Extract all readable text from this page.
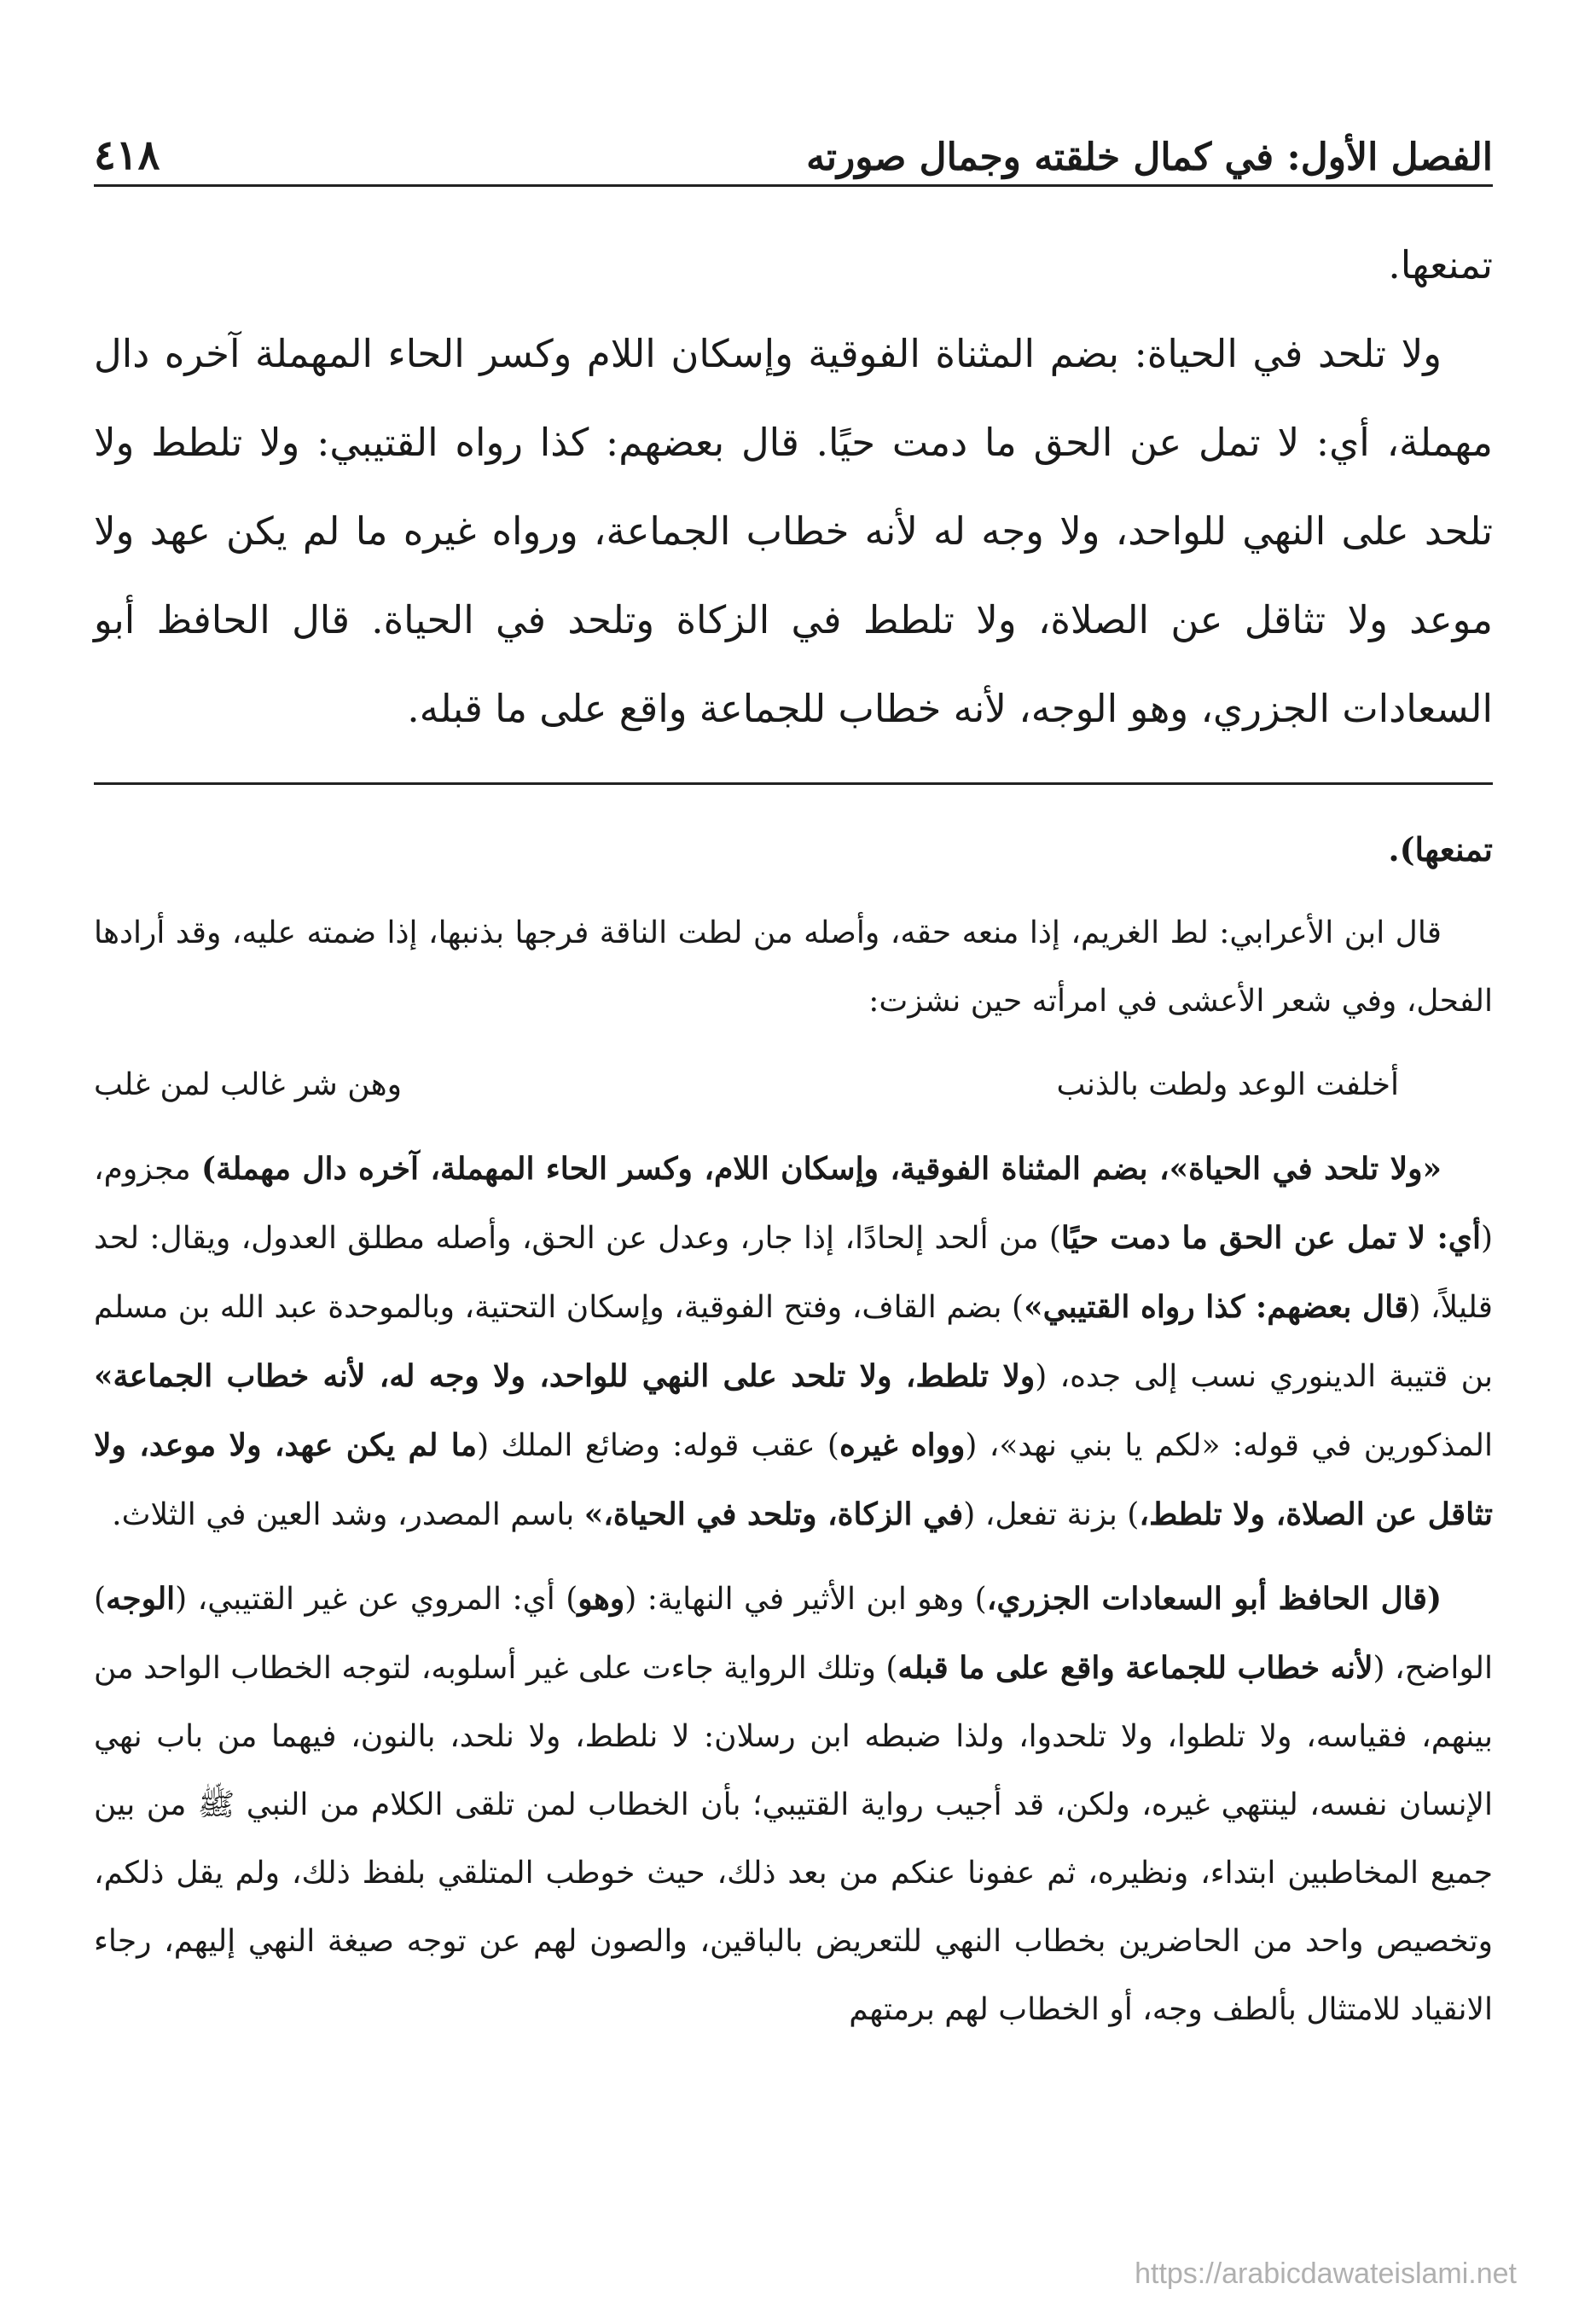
الفصل الأول: في كمال خلقته وجمال صورته
٤١٨

تمنعها.

ولا تلحد في الحياة: بضم المثناة الفوقية وإسكان اللام وكسر الحاء المهملة آخره دال مهملة، أي: لا تمل عن الحق ما دمت حيًا. قال بعضهم: كذا رواه القتيبي: ولا تلطط ولا تلحد على النهي للواحد، ولا وجه له لأنه خطاب الجماعة، ورواه غيره ما لم يكن عهد ولا موعد ولا تثاقل عن الصلاة، ولا تلطط في الزكاة وتلحد في الحياة. قال الحافظ أبو السعادات الجزري، وهو الوجه، لأنه خطاب للجماعة واقع على ما قبله.

تمنعها).

قال ابن الأعرابي: لط الغريم، إذا منعه حقه، وأصله من لطت الناقة فرجها بذنبها، إذا ضمته عليه، وقد أرادها الفحل، وفي شعر الأعشى في امرأته حين نشزت:

أخلفت الوعد ولطت بالذنب
وهن شر غالب لمن غلب

«ولا تلحد في الحياة»، بضم المثناة الفوقية، وإسكان اللام، وكسر الحاء المهملة، آخره دال مهملة) مجزوم، (أي: لا تمل عن الحق ما دمت حيًا) من ألحد إلحادًا، إذا جار، وعدل عن الحق، وأصله مطلق العدول، ويقال: لحد قليلاً، (قال بعضهم: كذا رواه القتيبي») بضم القاف، وفتح الفوقية، وإسكان التحتية، وبالموحدة عبد الله بن مسلم بن قتيبة الدينوري نسب إلى جده، (ولا تلطط، ولا تلحد على النهي للواحد، ولا وجه له، لأنه خطاب الجماعة» المذكورين في قوله: «لكم يا بني نهد»، (وواه غيره) عقب قوله: وضائع الملك (ما لم يكن عهد، ولا موعد، ولا تثاقل عن الصلاة، ولا تلطط،) بزنة تفعل، (في الزكاة، وتلحد في الحياة،» باسم المصدر، وشد العين في الثلاث.

(قال الحافظ أبو السعادات الجزري،) وهو ابن الأثير في النهاية: (وهو) أي: المروي عن غير القتيبي، (الوجه) الواضح، (لأنه خطاب للجماعة واقع على ما قبله) وتلك الرواية جاءت على غير أسلوبه، لتوجه الخطاب الواحد من بينهم، فقياسه، ولا تلطوا، ولا تلحدوا، ولذا ضبطه ابن رسلان: لا نلطط، ولا نلحد، بالنون، فيهما من باب نهي الإنسان نفسه، لينتهي غيره، ولكن، قد أجيب رواية القتيبي؛ بأن الخطاب لمن تلقى الكلام من النبي ﷺ من بين جميع المخاطبين ابتداء، ونظيره، ثم عفونا عنكم من بعد ذلك، حيث خوطب المتلقي بلفظ ذلك، ولم يقل ذلكم، وتخصيص واحد من الحاضرين بخطاب النهي للتعريض بالباقين، والصون لهم عن توجه صيغة النهي إليهم، رجاء الانقياد للامتثال بألطف وجه، أو الخطاب لهم برمتهم

https://arabicdawateislami.net
